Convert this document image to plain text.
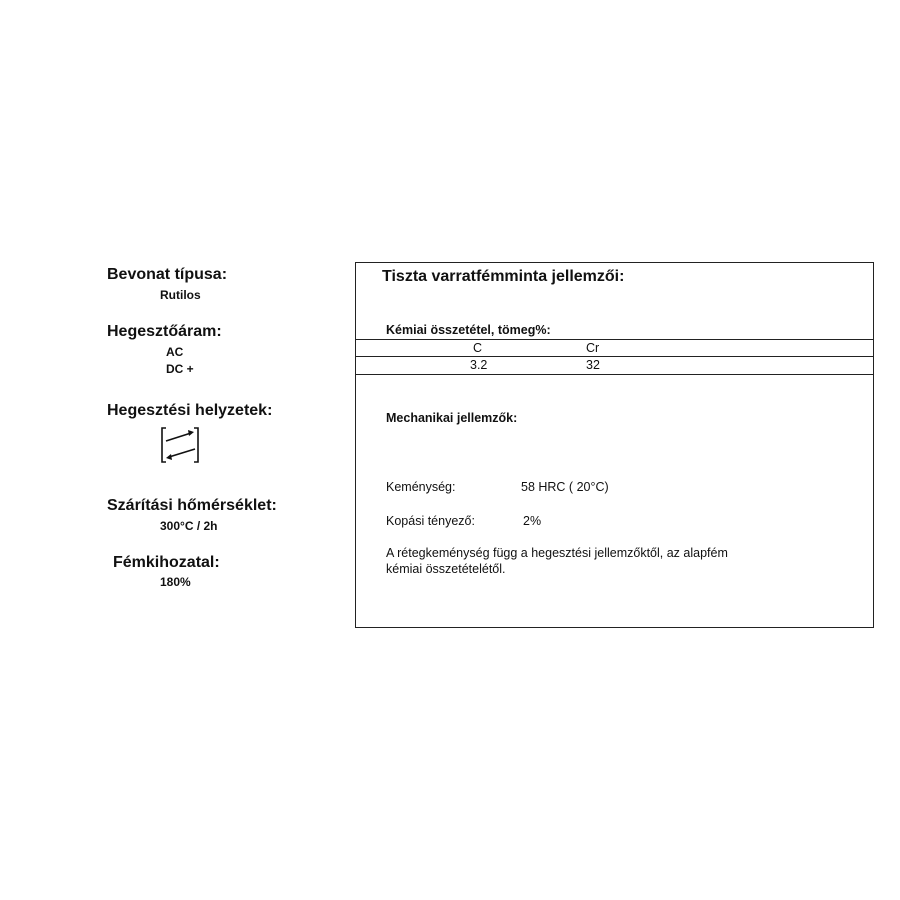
Bevonat típusa:
Rutilos
Hegesztőáram:
AC
DC +
Hegesztési helyzetek:
Szárítási hőmérséklet:
300°C / 2h
Fémkihozatal:
180%
Tiszta varratfémminta jellemzői:
Kémiai összetétel, tömeg%:
C	Cr
3.2	32
Mechanikai jellemzők:
Keménység:	58 HRC ( 20°C)
Kopási tényező:	2%
A rétegkeménység függ a hegesztési jellemzőktől, az alapfém
kémiai összetételétől.
